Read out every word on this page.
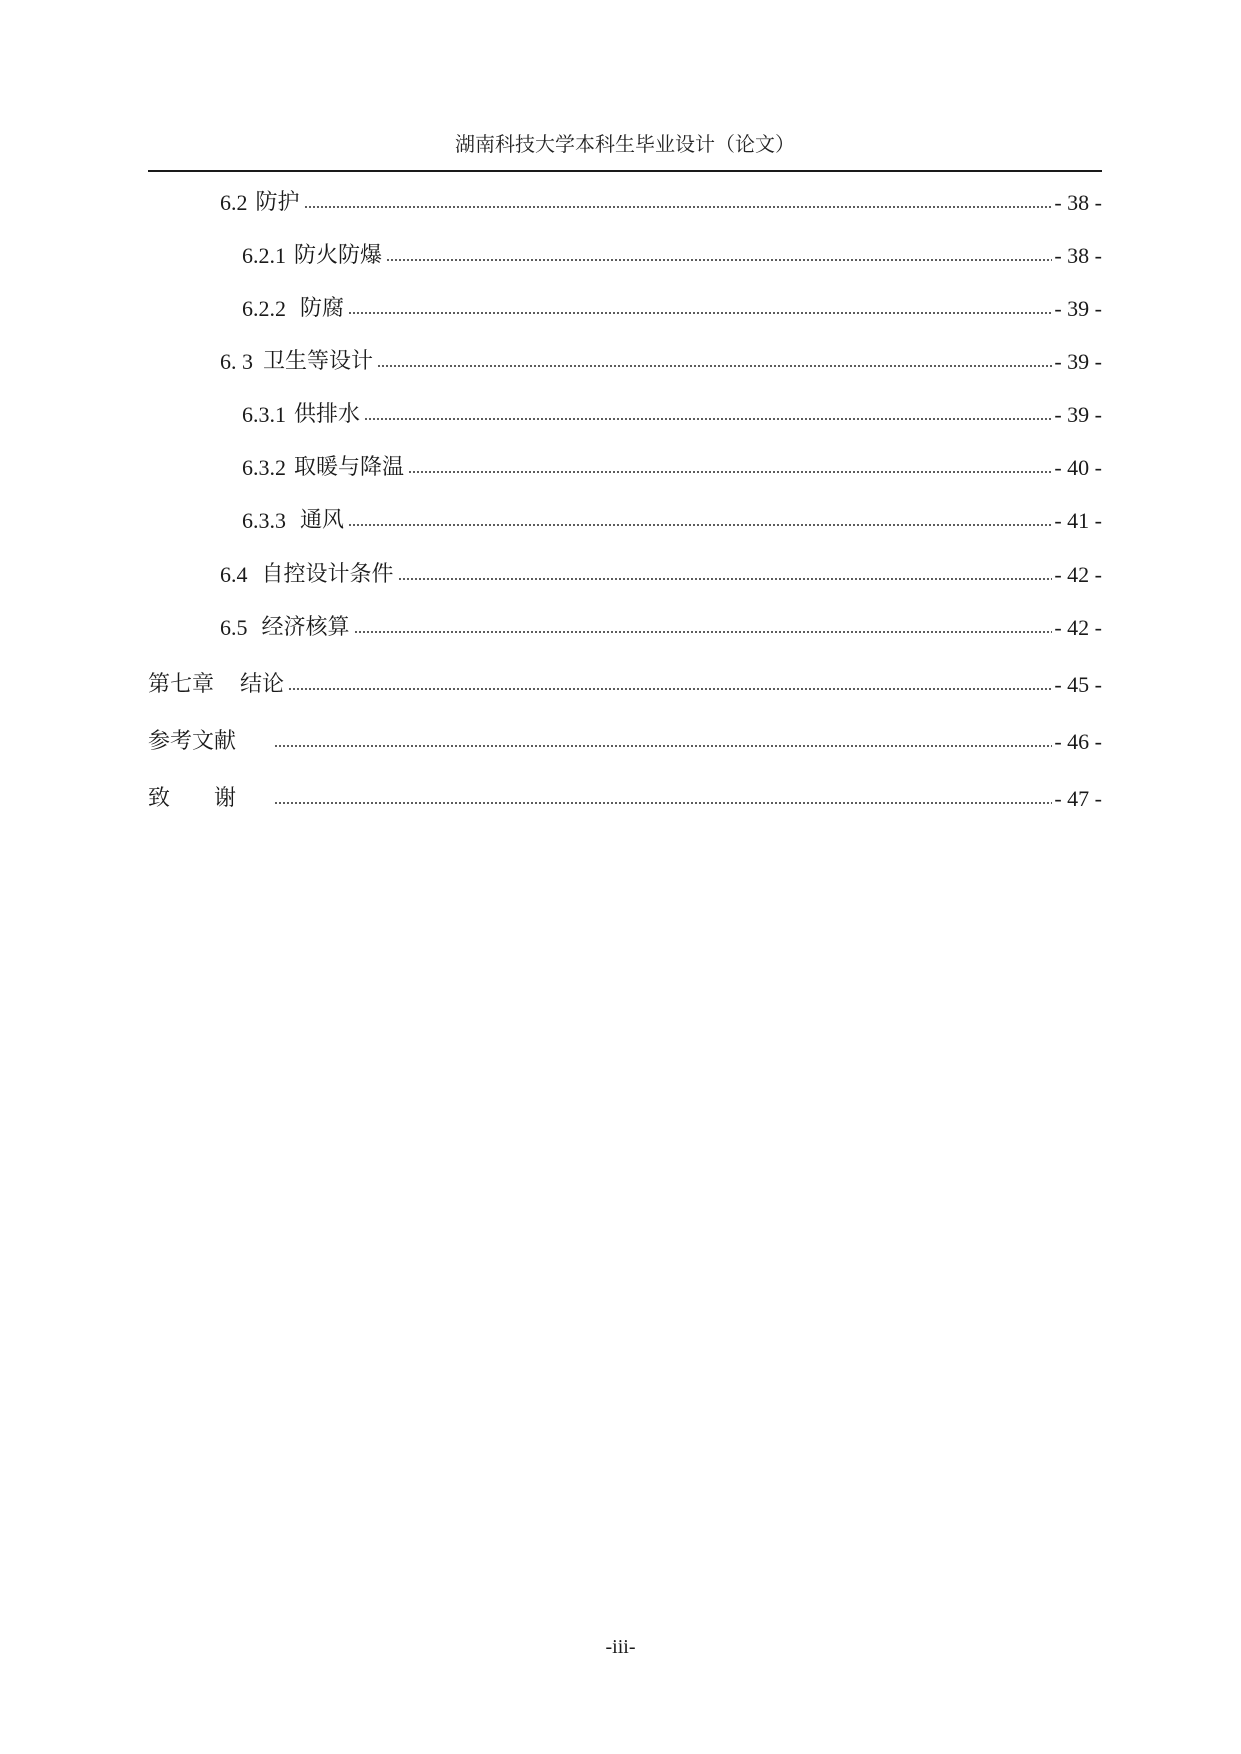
湖南科技大学本科生毕业设计（论文）
6.2 防护	- 38 -
6.2.1 防火防爆	- 38 -
6.2.2 防腐	- 39 -
6. 3 卫生等设计	- 39 -
6.3.1 供排水	- 39 -
6.3.2 取暖与降温	- 40 -
6.3.3 通风	- 41 -
6.4 自控设计条件	- 42 -
6.5 经济核算	- 42 -
第七章 结论	- 45 -
参考文献	- 46 -
致　　谢	- 47 -
-iii-
